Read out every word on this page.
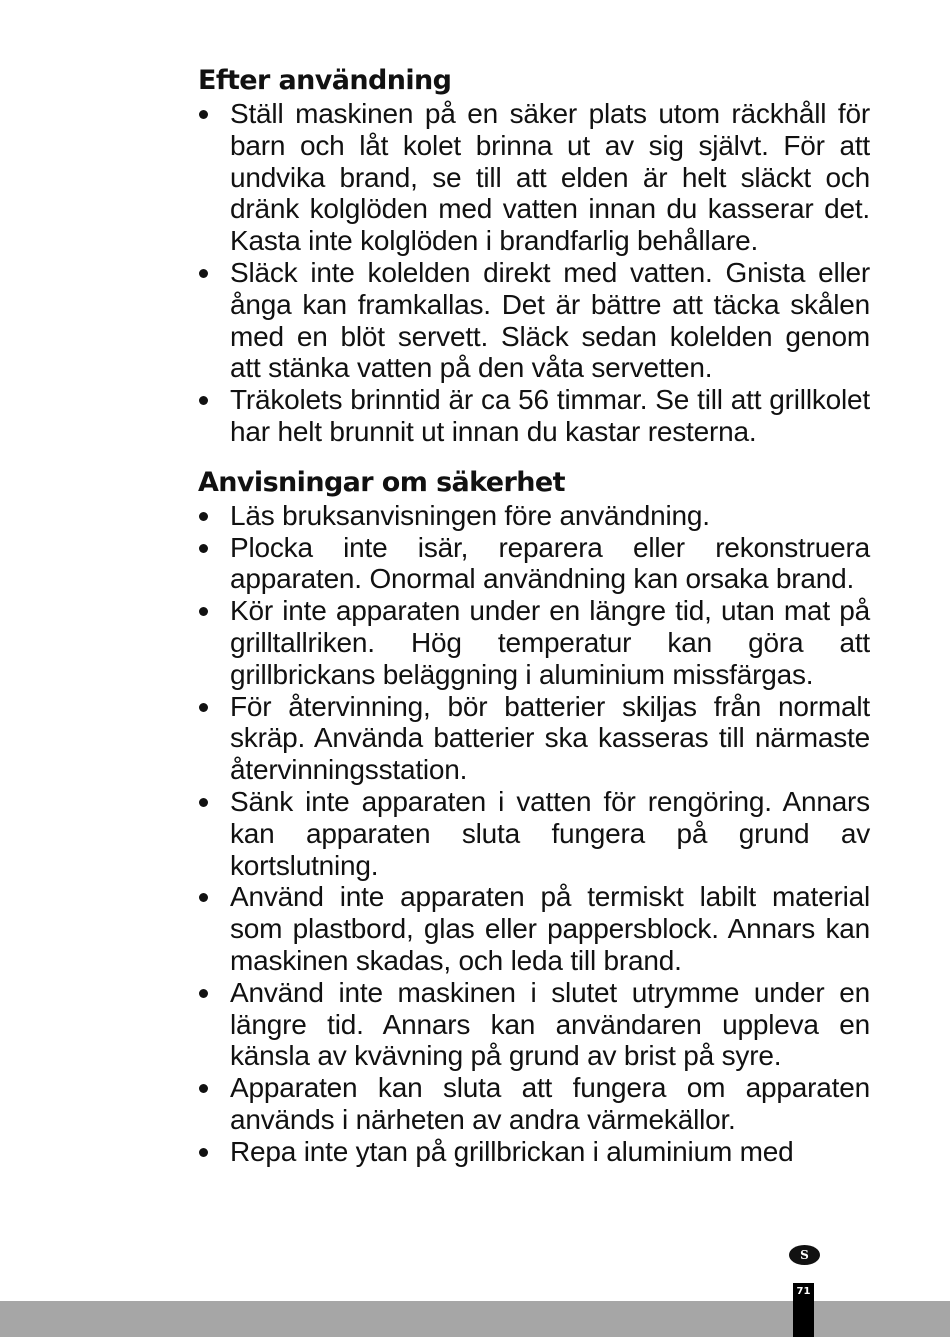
Efter användning
Ställ maskinen på en säker plats utom räckhåll för barn och låt kolet brinna ut av sig självt. För att undvika brand, se till att elden är helt släckt och dränk kolglöden med vatten innan du kasserar det. Kasta inte kolglöden i brandfarlig behållare.
Släck inte kolelden direkt med vatten. Gnista eller ånga kan framkallas. Det är bättre att täcka skålen med en blöt servett. Släck sedan kolelden genom att stänka vatten på den våta servetten.
Träkolets brinntid är ca 56 timmar. Se till att grillkolet har helt brunnit ut innan du kastar resterna.
Anvisningar om säkerhet
Läs bruksanvisningen före användning.
Plocka inte isär, reparera eller rekonstruera apparaten. Onormal användning kan orsaka brand.
Kör inte apparaten under en längre tid, utan mat på grilltallriken. Hög temperatur kan göra att grillbrickans beläggning i aluminium missfärgas.
För återvinning, bör batterier skiljas från normalt skräp. Använda batterier ska kasseras till närmaste återvinningsstation.
Sänk inte apparaten i vatten för rengöring. Annars kan apparaten sluta fungera på grund av kortslutning.
Använd inte apparaten på termiskt labilt material som plastbord, glas eller pappersblock. Annars kan maskinen skadas, och leda till brand.
Använd inte maskinen i slutet utrymme under en längre tid. Annars kan användaren uppleva en känsla av kvävning på grund av brist på syre.
Apparaten kan sluta att fungera om apparaten används i närheten av andra värmekällor.
Repa inte ytan på grillbrickan i aluminium med
S
71
